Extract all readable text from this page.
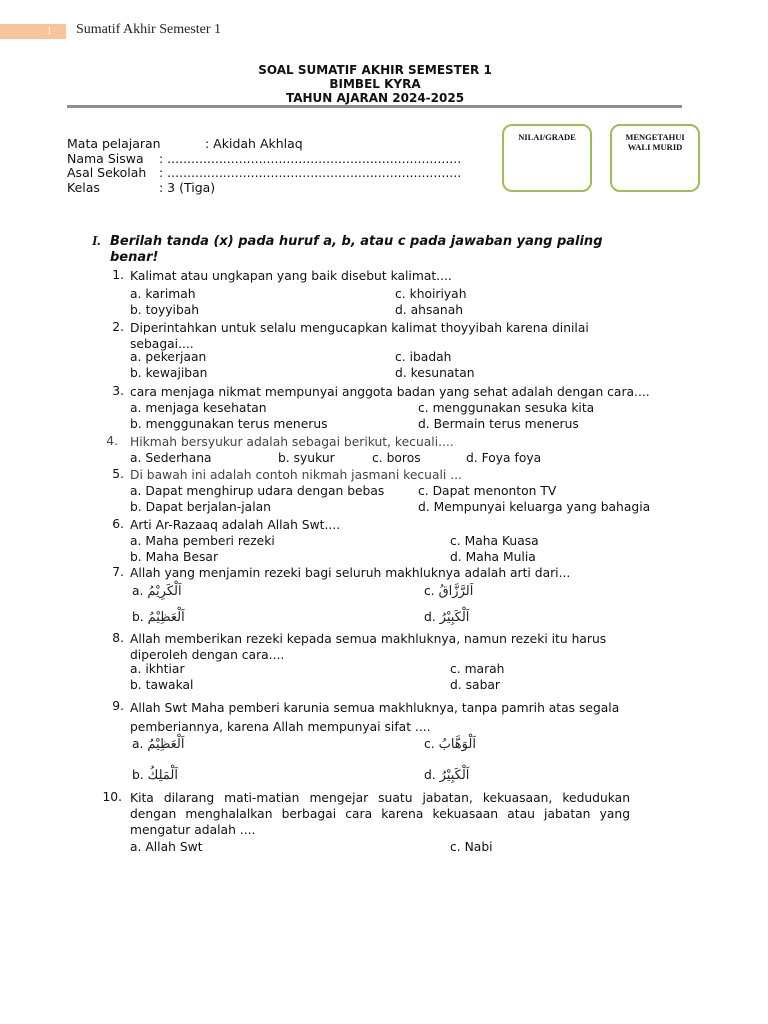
1	Sumatif Akhir Semester 1
SOAL SUMATIF AKHIR SEMESTER 1
BIMBEL KYRA
TAHUN AJARAN 2024-2025
Mata pelajaran	: Akidah Akhlaq
Nama Siswa : ..........................................................................
Asal Sekolah : ..........................................................................
Kelas	: 3 (Tiga)
NILAI/GRADE	MENGETAHUI
WALI MURID
I. Berilah tanda (x) pada huruf a, b, atau c pada jawaban yang paling benar!
1. Kalimat atau ungkapan yang baik disebut kalimat....
a. karimah	c. khoiriyah
b. toyyibah	d. ahsanah
2. Diperintahkan untuk selalu mengucapkan kalimat thoyyibah karena dinilai sebagai....
a. pekerjaan	c. ibadah
b. kewajiban	d. kesunatan
3. cara menjaga nikmat mempunyai anggota badan yang sehat adalah dengan cara....
a. menjaga kesehatan	c. menggunakan sesuka kita
b. menggunakan terus menerus	d. Bermain terus menerus
4. Hikmah bersyukur adalah sebagai berikut, kecuali....
a. Sederhana	b. syukur	c. boros	d. Foya foya
5. Di bawah ini adalah contoh nikmah jasmani kecuali ...
a. Dapat menghirup udara dengan bebas	c. Dapat menonton TV
b. Dapat berjalan-jalan	d. Mempunyai keluarga yang bahagia
6. Arti Ar-Razaaq adalah Allah Swt....
a. Maha pemberi rezeki	c. Maha Kuasa
b. Maha Besar	d. Maha Mulia
7. Allah yang menjamin rezeki bagi seluruh makhluknya adalah arti dari...
a. اَلْكَرِيْمُ	c. اَلرَّزَّاقُ
b. اَلْعَظِيْمُ	d. اَلْكَبِيْرُ
8. Allah memberikan rezeki kepada semua makhluknya, namun rezeki itu harus diperoleh dengan cara....
a. ikhtiar	c. marah
b. tawakal	d. sabar
9. Allah Swt Maha pemberi karunia semua makhluknya, tanpa pamrih atas segala pemberiannya, karena Allah mempunyai sifat ....
a. اَلْعَظِيْمُ	c. اَلْوَهَّابُ
b. اَلْمَلِكُ	d. اَلْكَبِيْرُ
10. Kita dilarang mati-matian mengejar suatu jabatan, kekuasaan, kedudukan dengan menghalalkan berbagai cara karena kekuasaan atau jabatan yang mengatur adalah ....
a. Allah Swt	c. Nabi
